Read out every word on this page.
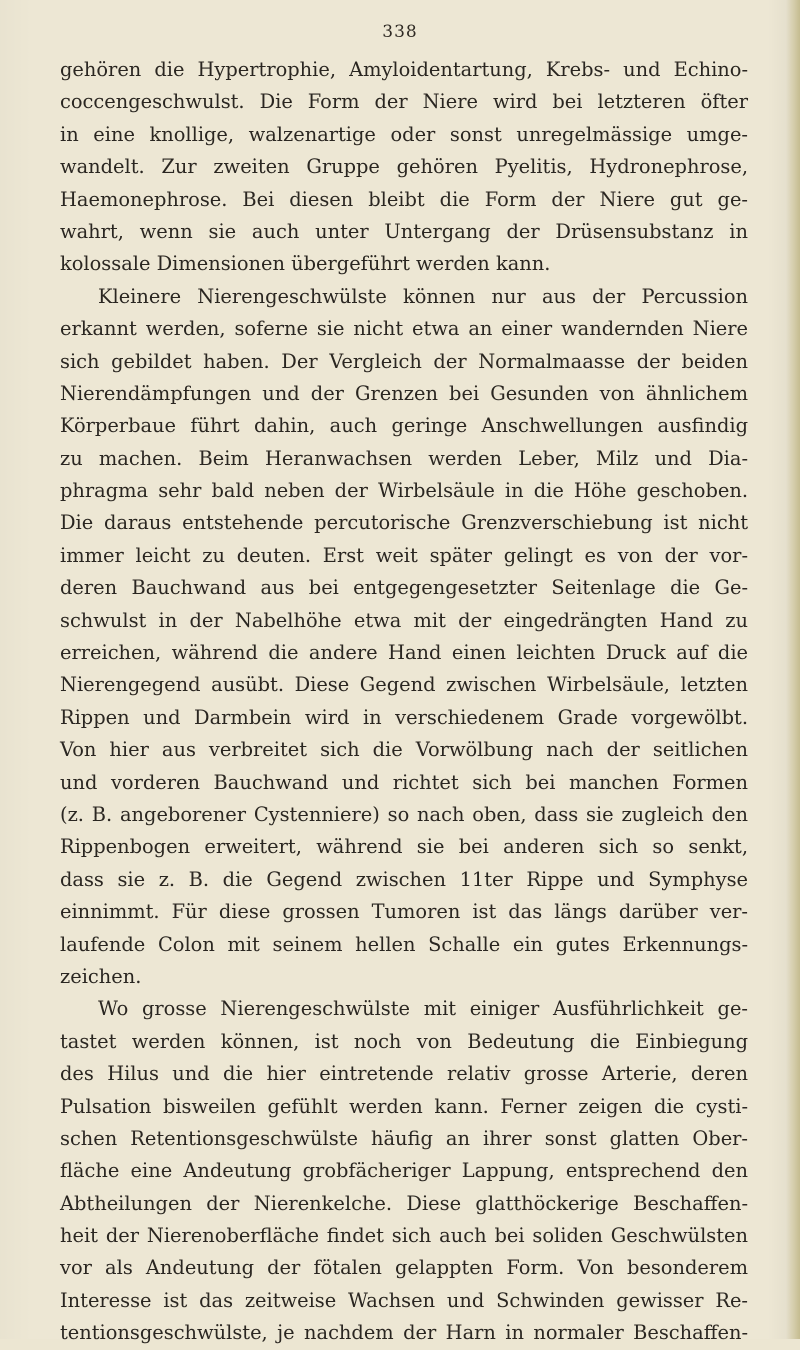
338
gehören die Hypertrophie, Amyloidentartung, Krebs- und Echino-
coccengeschwulst. Die Form der Niere wird bei letzteren öfter
in eine knollige, walzenartige oder sonst unregelmässige umge-
wandelt. Zur zweiten Gruppe gehören Pyelitis, Hydronephrose,
Haemonephrose. Bei diesen bleibt die Form der Niere gut ge-
wahrt, wenn sie auch unter Untergang der Drüsensubstanz in
kolossale Dimensionen übergeführt werden kann.
Kleinere Nierengeschwülste können nur aus der Percussion
erkannt werden, soferne sie nicht etwa an einer wandernden Niere
sich gebildet haben. Der Vergleich der Normalmaasse der beiden
Nierendämpfungen und der Grenzen bei Gesunden von ähnlichem
Körperbaue führt dahin, auch geringe Anschwellungen ausfindig
zu machen. Beim Heranwachsen werden Leber, Milz und Dia-
phragma sehr bald neben der Wirbelsäule in die Höhe geschoben.
Die daraus entstehende percutorische Grenzverschiebung ist nicht
immer leicht zu deuten. Erst weit später gelingt es von der vor-
deren Bauchwand aus bei entgegengesetzter Seitenlage die Ge-
schwulst in der Nabelhöhe etwa mit der eingedrängten Hand zu
erreichen, während die andere Hand einen leichten Druck auf die
Nierengegend ausübt. Diese Gegend zwischen Wirbelsäule, letzten
Rippen und Darmbein wird in verschiedenem Grade vorgewölbt.
Von hier aus verbreitet sich die Vorwölbung nach der seitlichen
und vorderen Bauchwand und richtet sich bei manchen Formen
(z. B. angeborener Cystenniere) so nach oben, dass sie zugleich den
Rippenbogen erweitert, während sie bei anderen sich so senkt,
dass sie z. B. die Gegend zwischen 11ter Rippe und Symphyse
einnimmt. Für diese grossen Tumoren ist das längs darüber ver-
laufende Colon mit seinem hellen Schalle ein gutes Erkennungs-
zeichen.
Wo grosse Nierengeschwülste mit einiger Ausführlichkeit ge-
tastet werden können, ist noch von Bedeutung die Einbiegung
des Hilus und die hier eintretende relativ grosse Arterie, deren
Pulsation bisweilen gefühlt werden kann. Ferner zeigen die cysti-
schen Retentionsgeschwülste häufig an ihrer sonst glatten Ober-
fläche eine Andeutung grobfächeriger Lappung, entsprechend den
Abtheilungen der Nierenkelche. Diese glatthöckerige Beschaffen-
heit der Nierenoberfläche findet sich auch bei soliden Geschwülsten
vor als Andeutung der fötalen gelappten Form. Von besonderem
Interesse ist das zeitweise Wachsen und Schwinden gewisser Re-
tentionsgeschwülste, je nachdem der Harn in normaler Beschaffen-
